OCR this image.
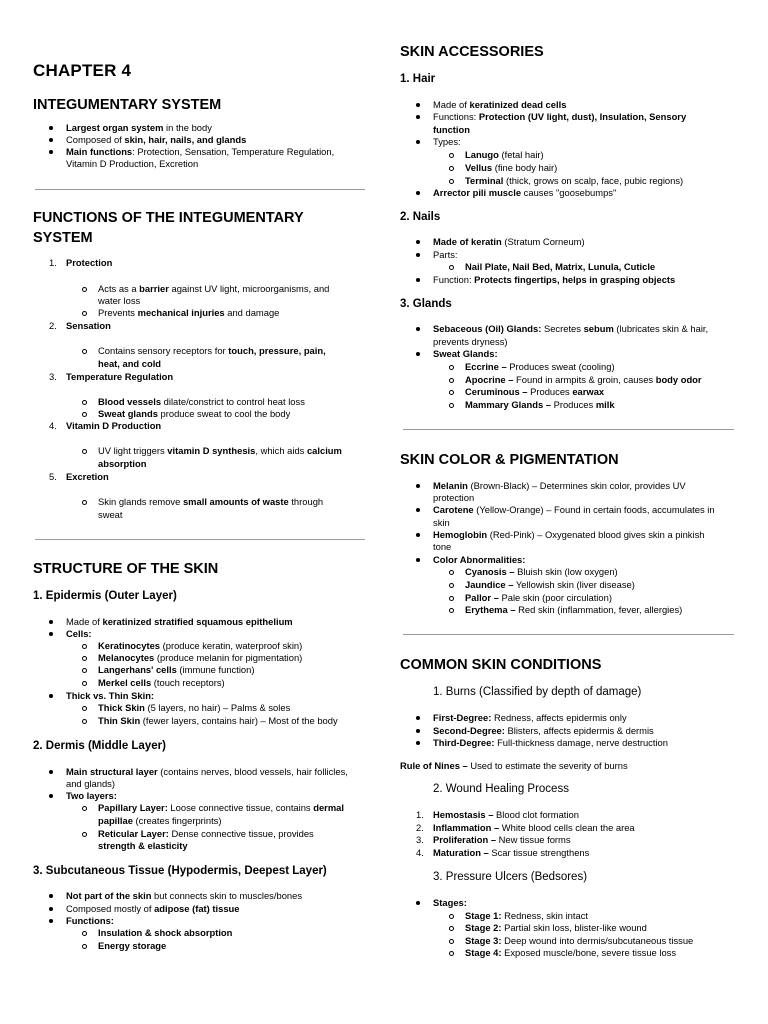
CHAPTER 4
INTEGUMENTARY SYSTEM
Largest organ system in the body
Composed of skin, hair, nails, and glands
Main functions: Protection, Sensation, Temperature Regulation,
Vitamin D Production, Excretion
FUNCTIONS OF THE INTEGUMENTARY
SYSTEM
1. Protection
Acts as a barrier against UV light, microorganisms, and
water loss
Prevents mechanical injuries and damage
2. Sensation
Contains sensory receptors for touch, pressure, pain,
heat, and cold
3. Temperature Regulation
Blood vessels dilate/constrict to control heat loss
Sweat glands produce sweat to cool the body
4. Vitamin D Production
UV light triggers vitamin D synthesis, which aids calcium
absorption
5. Excretion
Skin glands remove small amounts of waste through
sweat
STRUCTURE OF THE SKIN
1. Epidermis (Outer Layer)
Made of keratinized stratified squamous epithelium
Cells:
Keratinocytes (produce keratin, waterproof skin)
Melanocytes (produce melanin for pigmentation)
Langerhans' cells (immune function)
Merkel cells (touch receptors)
Thick vs. Thin Skin:
Thick Skin (5 layers, no hair) – Palms & soles
Thin Skin (fewer layers, contains hair) – Most of the body
2. Dermis (Middle Layer)
Main structural layer (contains nerves, blood vessels, hair follicles,
and glands)
Two layers:
Papillary Layer: Loose connective tissue, contains dermal
papillae (creates fingerprints)
Reticular Layer: Dense connective tissue, provides
strength & elasticity
3. Subcutaneous Tissue (Hypodermis, Deepest Layer)
Not part of the skin but connects skin to muscles/bones
Composed mostly of adipose (fat) tissue
Functions:
Insulation & shock absorption
Energy storage
SKIN ACCESSORIES
1. Hair
Made of keratinized dead cells
Functions: Protection (UV light, dust), Insulation, Sensory
function
Types:
Lanugo (fetal hair)
Vellus (fine body hair)
Terminal (thick, grows on scalp, face, pubic regions)
Arrector pili muscle causes "goosebumps"
2. Nails
Made of keratin (Stratum Corneum)
Parts:
Nail Plate, Nail Bed, Matrix, Lunula, Cuticle
Function: Protects fingertips, helps in grasping objects
3. Glands
Sebaceous (Oil) Glands: Secretes sebum (lubricates skin & hair,
prevents dryness)
Sweat Glands:
Eccrine – Produces sweat (cooling)
Apocrine – Found in armpits & groin, causes body odor
Ceruminous – Produces earwax
Mammary Glands – Produces milk
SKIN COLOR & PIGMENTATION
Melanin (Brown-Black) – Determines skin color, provides UV
protection
Carotene (Yellow-Orange) – Found in certain foods, accumulates in
skin
Hemoglobin (Red-Pink) – Oxygenated blood gives skin a pinkish
tone
Color Abnormalities:
Cyanosis – Bluish skin (low oxygen)
Jaundice – Yellowish skin (liver disease)
Pallor – Pale skin (poor circulation)
Erythema – Red skin (inflammation, fever, allergies)
COMMON SKIN CONDITIONS
1. Burns (Classified by depth of damage)
First-Degree: Redness, affects epidermis only
Second-Degree: Blisters, affects epidermis & dermis
Third-Degree: Full-thickness damage, nerve destruction
Rule of Nines – Used to estimate the severity of burns
2. Wound Healing Process
1. Hemostasis – Blood clot formation
2. Inflammation – White blood cells clean the area
3. Proliferation – New tissue forms
4. Maturation – Scar tissue strengthens
3. Pressure Ulcers (Bedsores)
Stages:
Stage 1: Redness, skin intact
Stage 2: Partial skin loss, blister-like wound
Stage 3: Deep wound into dermis/subcutaneous tissue
Stage 4: Exposed muscle/bone, severe tissue loss
